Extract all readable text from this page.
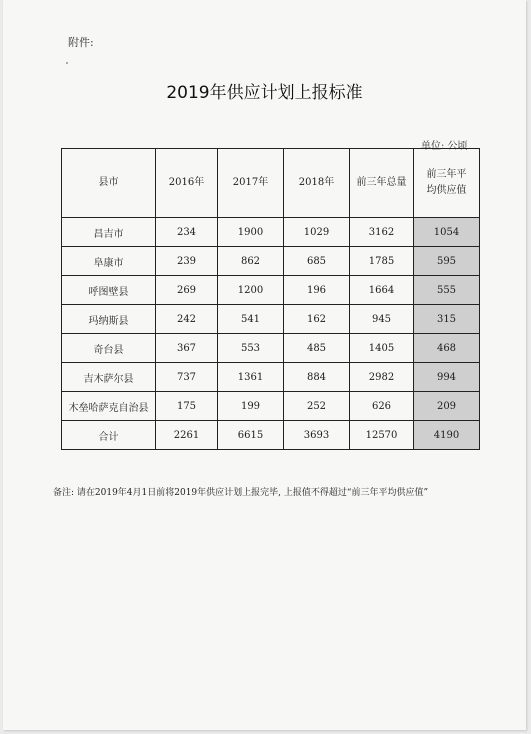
附件:
2019年供应计划上报标准
单位: 公顷
县市	2016年	2017年	2018年	前三年总量	前三年平均供应值

昌吉市	234	1900	1029	3162	1054
阜康市	239	862	685	1785	595
呼图壁县	269	1200	196	1664	555
玛纳斯县	242	541	162	945	315
奇台县	367	553	485	1405	468
吉木萨尔县	737	1361	884	2982	994
木垒哈萨克自治县	175	199	252	626	209
合计	2261	6615	3693	12570	4190
备注: 请在2019年4月1日前将2019年供应计划上报完毕, 上报值不得超过“前三年平均供应值”
